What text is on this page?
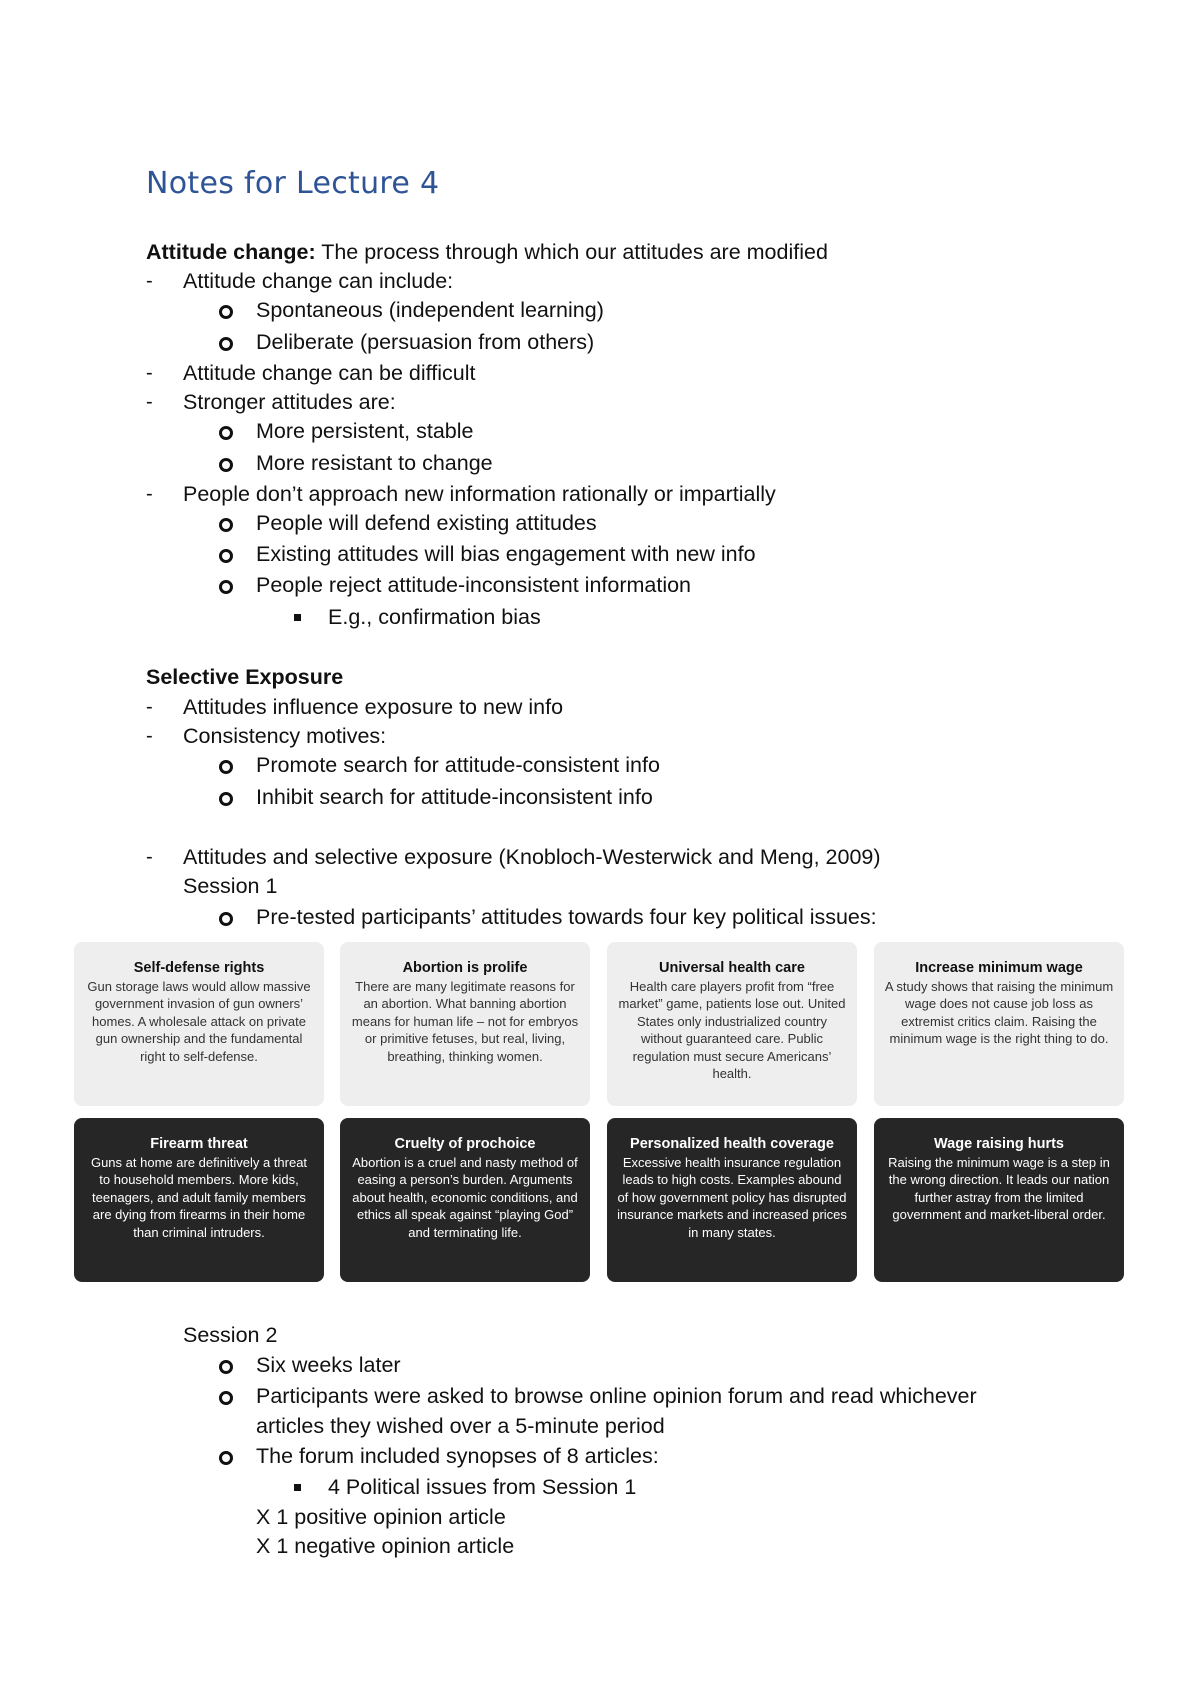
Notes for Lecture 4
Attitude change: The process through which our attitudes are modified
- Attitude change can include:
Spontaneous (independent learning)
Deliberate (persuasion from others)
- Attitude change can be difficult
- Stronger attitudes are:
More persistent, stable
More resistant to change
- People don’t approach new information rationally or impartially
People will defend existing attitudes
Existing attitudes will bias engagement with new info
People reject attitude-inconsistent information
E.g., confirmation bias
Selective Exposure
- Attitudes influence exposure to new info
- Consistency motives:
Promote search for attitude-consistent info
Inhibit search for attitude-inconsistent info
- Attitudes and selective exposure (Knobloch-Westerwick and Meng, 2009)
Session 1
Pre-tested participants’ attitudes towards four key political issues:
Self-defense rights
Gun storage laws would allow massive government invasion of gun owners’ homes. A wholesale attack on private gun ownership and the fundamental right to self-defense.
Abortion is prolife
There are many legitimate reasons for an abortion. What banning abortion means for human life – not for embryos or primitive fetuses, but real, living, breathing, thinking women.
Universal health care
Health care players profit from “free market” game, patients lose out. United States only industrialized country without guaranteed care. Public regulation must secure Americans’ health.
Increase minimum wage
A study shows that raising the minimum wage does not cause job loss as extremist critics claim. Raising the minimum wage is the right thing to do.
Firearm threat
Guns at home are definitively a threat to household members. More kids, teenagers, and adult family members are dying from firearms in their home than criminal intruders.
Cruelty of prochoice
Abortion is a cruel and nasty method of easing a person’s burden. Arguments about health, economic conditions, and ethics all speak against “playing God” and terminating life.
Personalized health coverage
Excessive health insurance regulation leads to high costs. Examples abound of how government policy has disrupted insurance markets and increased prices in many states.
Wage raising hurts
Raising the minimum wage is a step in the wrong direction. It leads our nation further astray from the limited government and market-liberal order.
Session 2
Six weeks later
Participants were asked to browse online opinion forum and read whichever
articles they wished over a 5-minute period
The forum included synopses of 8 articles:
4 Political issues from Session 1
X 1 positive opinion article
X 1 negative opinion article
